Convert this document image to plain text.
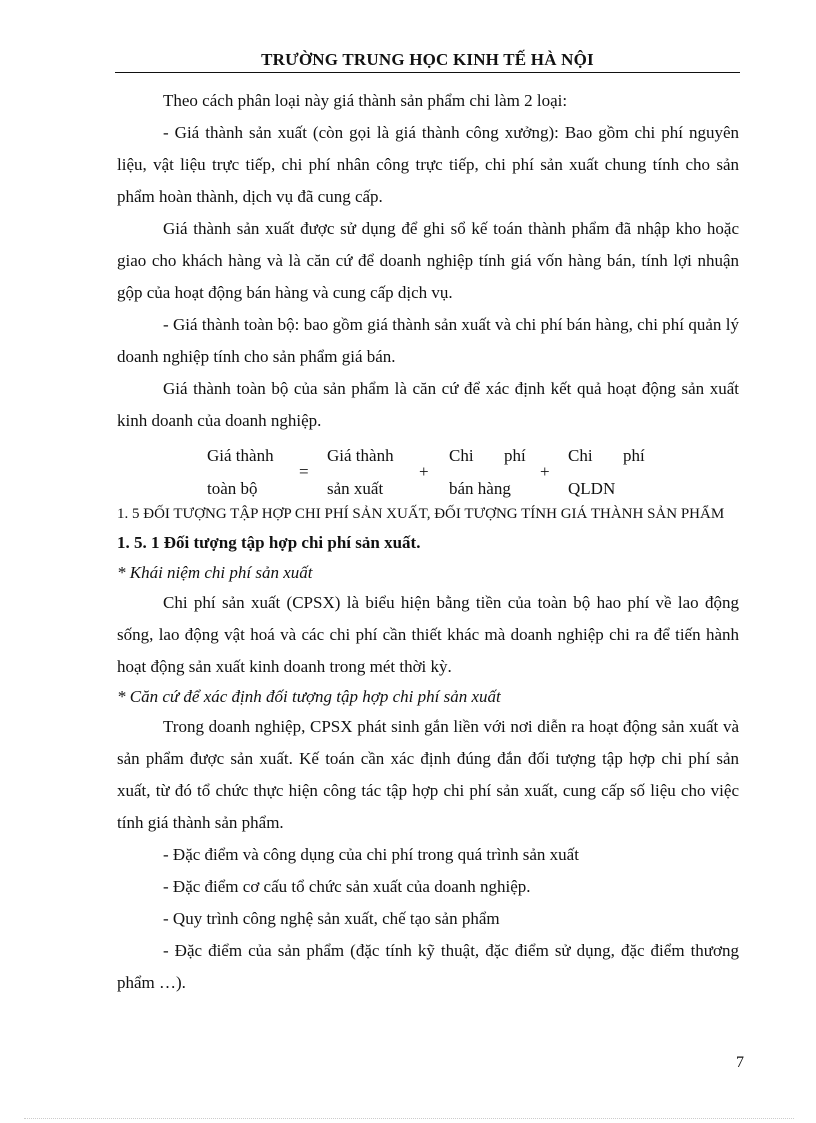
TRƯỜNG TRUNG HỌC KINH TẾ HÀ NỘI

Theo cách phân loại này giá thành sản phẩm chi làm 2 loại:

- Giá thành sản xuất (còn gọi là giá thành công xưởng): Bao gồm chi phí nguyên liệu, vật liệu trực tiếp, chi phí nhân công trực tiếp, chi phí sản xuất chung tính cho sản phẩm hoàn thành, dịch vụ đã cung cấp.

Giá thành sản xuất được sử dụng để ghi sổ kế toán thành phẩm đã nhập kho hoặc giao cho khách hàng và là căn cứ để doanh nghiệp tính giá vốn hàng bán, tính lợi nhuận gộp của hoạt động bán hàng và cung cấp dịch vụ.

- Giá thành toàn bộ: bao gồm giá thành sản xuất và chi phí bán hàng, chi phí quản lý doanh nghiệp tính cho sản phẩm giá bán.

Giá thành toàn bộ của sản phẩm là căn cứ để xác định kết quả hoạt động sản xuất kinh doanh của doanh nghiệp.

Giá thành
toàn bộ
=
Giá thành
sản xuất
+
Chi phí
bán hàng
+
Chi phí
QLDN

1. 5 ĐỐI TƯỢNG TẬP HỢP CHI PHÍ SẢN XUẤT, ĐỐI TƯỢNG TÍNH GIÁ THÀNH SẢN PHẨM

1. 5. 1 Đối tượng tập hợp chi phí sản xuất.

* Khái niệm chi phí sản xuất

Chi phí sản xuất (CPSX) là biểu hiện bằng tiền của toàn bộ hao phí về lao động sống, lao động vật hoá và các chi phí cần thiết khác mà doanh nghiệp chi ra để tiến hành hoạt động sản xuất kinh doanh trong mét thời kỳ.

* Căn cứ để xác định đối tượng tập hợp chi phí sản xuất

Trong doanh nghiệp, CPSX phát sinh gắn liền với nơi diễn ra hoạt động sản xuất và sản phẩm được sản xuất. Kế toán cần xác định đúng đắn đối tượng tập hợp chi phí sản xuất, từ đó tổ chức thực hiện công tác tập hợp chi phí sản xuất, cung cấp số liệu cho việc tính giá thành sản phẩm.

- Đặc điểm và công dụng của chi phí trong quá trình sản xuất

- Đặc điểm cơ cấu tổ chức sản xuất của doanh nghiệp.

- Quy trình công nghệ sản xuất, chế tạo sản phẩm

- Đặc điểm của sản phẩm (đặc tính kỹ thuật, đặc điểm sử dụng, đặc điểm thương phẩm …).

7
